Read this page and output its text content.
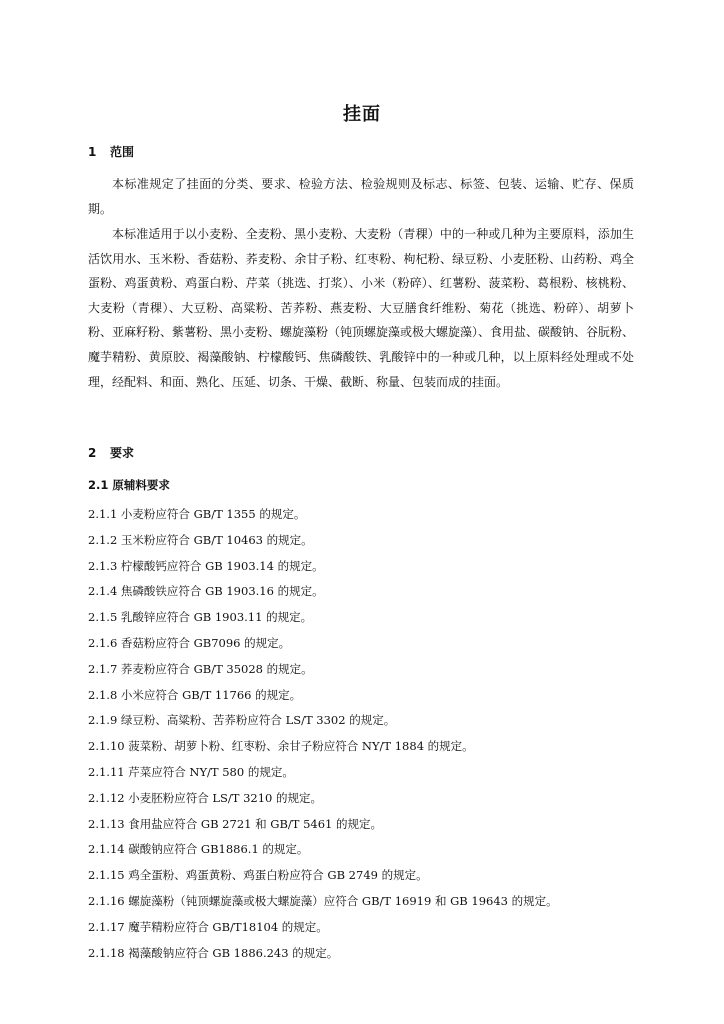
挂面
1 范围

本标准规定了挂面的分类、要求、检验方法、检验规则及标志、标签、包装、运输、贮存、保质期。

本标准适用于以小麦粉、全麦粉、黑小麦粉、大麦粉（青稞）中的一种或几种为主要原料，添加生活饮用水、玉米粉、香菇粉、荞麦粉、余甘子粉、红枣粉、枸杞粉、绿豆粉、小麦胚粉、山药粉、鸡全蛋粉、鸡蛋黄粉、鸡蛋白粉、芹菜（挑选、打浆）、小米（粉碎）、红薯粉、菠菜粉、葛根粉、核桃粉、大麦粉（青稞）、大豆粉、高粱粉、苦荞粉、燕麦粉、大豆膳食纤维粉、菊花（挑选、粉碎）、胡萝卜粉、亚麻籽粉、紫薯粉、黑小麦粉、螺旋藻粉（钝顶螺旋藻或极大螺旋藻）、食用盐、碳酸钠、谷朊粉、魔芋精粉、黄原胶、褐藻酸钠、柠檬酸钙、焦磷酸铁、乳酸锌中的一种或几种，以上原料经处理或不处理，经配料、和面、熟化、压延、切条、干燥、截断、称量、包装而成的挂面。

2 要求
2.1 原辅料要求
2.1.1 小麦粉应符合 GB/T 1355 的规定。
2.1.2 玉米粉应符合 GB/T 10463 的规定。
2.1.3 柠檬酸钙应符合 GB 1903.14 的规定。
2.1.4 焦磷酸铁应符合 GB 1903.16 的规定。
2.1.5 乳酸锌应符合 GB 1903.11 的规定。
2.1.6 香菇粉应符合 GB7096 的规定。
2.1.7 荞麦粉应符合 GB/T 35028 的规定。
2.1.8 小米应符合 GB/T 11766 的规定。
2.1.9 绿豆粉、高粱粉、苦荞粉应符合 LS/T 3302 的规定。
2.1.10 菠菜粉、胡萝卜粉、红枣粉、余甘子粉应符合 NY/T 1884 的规定。
2.1.11 芹菜应符合 NY/T 580 的规定。
2.1.12 小麦胚粉应符合 LS/T 3210 的规定。
2.1.13 食用盐应符合 GB 2721 和 GB/T 5461 的规定。
2.1.14 碳酸钠应符合 GB1886.1 的规定。
2.1.15 鸡全蛋粉、鸡蛋黄粉、鸡蛋白粉应符合 GB 2749 的规定。
2.1.16 螺旋藻粉（钝顶螺旋藻或极大螺旋藻）应符合 GB/T 16919 和 GB 19643 的规定。
2.1.17 魔芋精粉应符合 GB/T18104 的规定。
2.1.18 褐藻酸钠应符合 GB 1886.243 的规定。
